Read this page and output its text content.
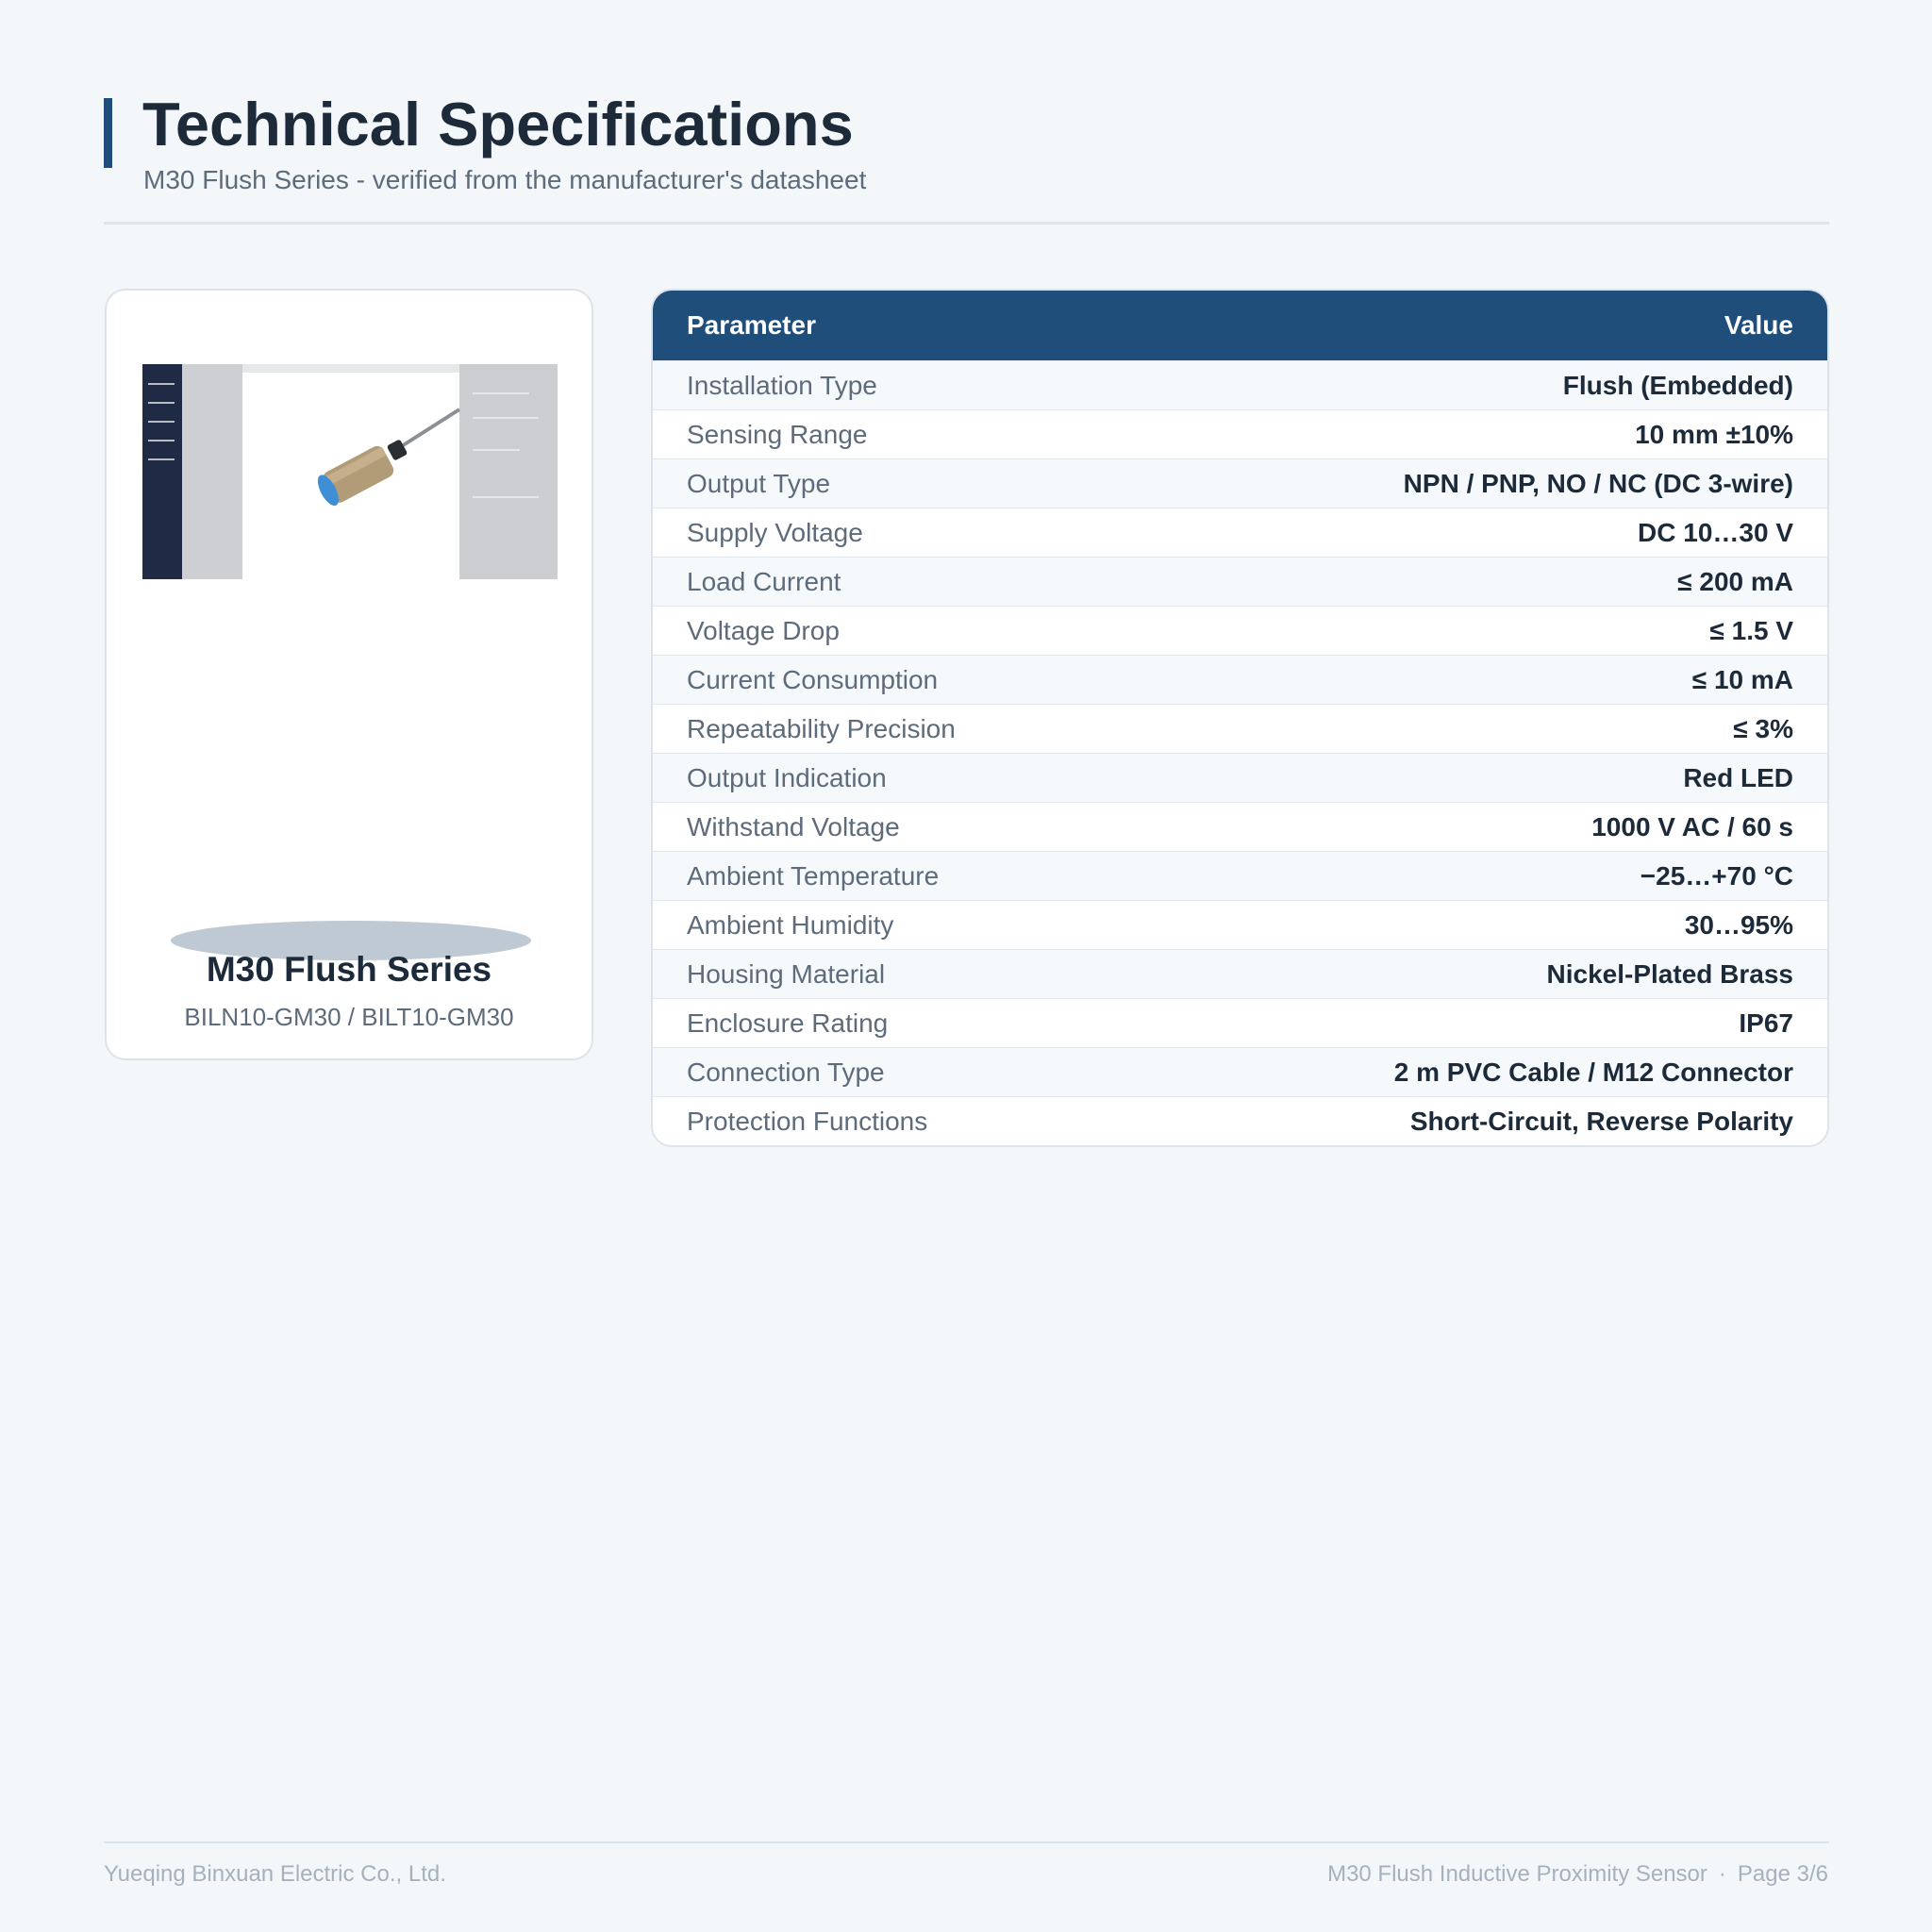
Technical Specifications
M30 Flush Series - verified from the manufacturer's datasheet
M30 Flush Series
BILN10-GM30 / BILT10-GM30
Parameter	Value
Installation Type	Flush (Embedded)
Sensing Range	10 mm ±10%
Output Type	NPN / PNP, NO / NC (DC 3-wire)
Supply Voltage	DC 10…30 V
Load Current	≤ 200 mA
Voltage Drop	≤ 1.5 V
Current Consumption	≤ 10 mA
Repeatability Precision	≤ 3%
Output Indication	Red LED
Withstand Voltage	1000 V AC / 60 s
Ambient Temperature	−25…+70 °C
Ambient Humidity	30…95%
Housing Material	Nickel-Plated Brass
Enclosure Rating	IP67
Connection Type	2 m PVC Cable / M12 Connector
Protection Functions	Short-Circuit, Reverse Polarity
Yueqing Binxuan Electric Co., Ltd.	M30 Flush Inductive Proximity Sensor · Page 3/6
